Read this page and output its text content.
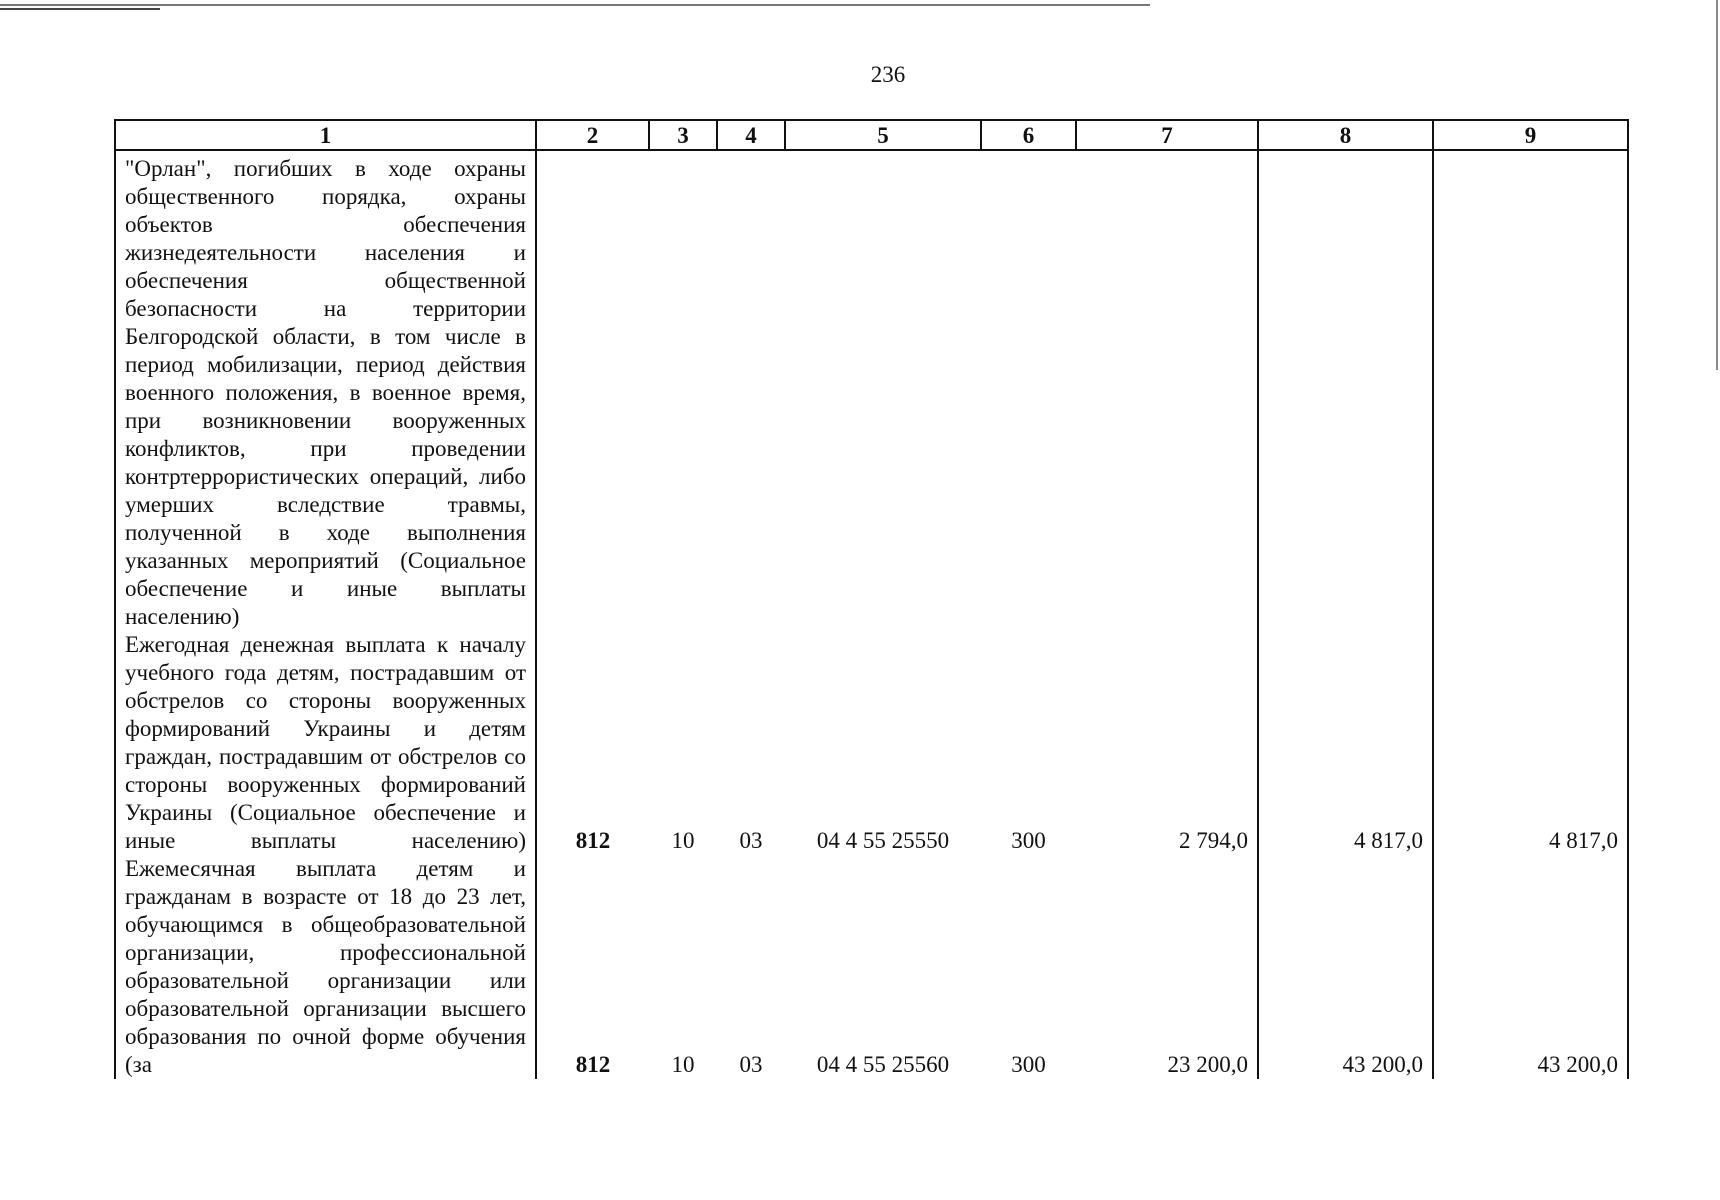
236
1	2	3	4	5	6	7	8	9
"Орлан", погибших в ходе охраны общественного порядка, охраны объектов обеспечения жизнедеятельности населения и обеспечения общественной безопасности на территории Белгородской области, в том числе в период мобилизации, период действия военного положения, в военное время, при возникновении вооруженных конфликтов, при проведении контртеррористических операций, либо умерших вследствие травмы, полученной в ходе выполнения указанных мероприятий (Социальное обеспечение и иные выплаты населению)								
Ежегодная денежная выплата к началу учебного года детям, пострадавшим от обстрелов со стороны вооруженных формирований Украины и детям граждан, пострадавшим от обстрелов со стороны вооруженных формирований Украины (Социальное обеспечение и иные выплаты населению)	812	10	03	04 4 55 25550	300	2 794,0	4 817,0	4 817,0
Ежемесячная выплата детям и гражданам в возрасте от 18 до 23 лет, обучающимся в общеобразовательной организации, профессиональной образовательной организации или образовательной организации высшего образования по очной форме обучения (за	812	10	03	04 4 55 25560	300	23 200,0	43 200,0	43 200,0
